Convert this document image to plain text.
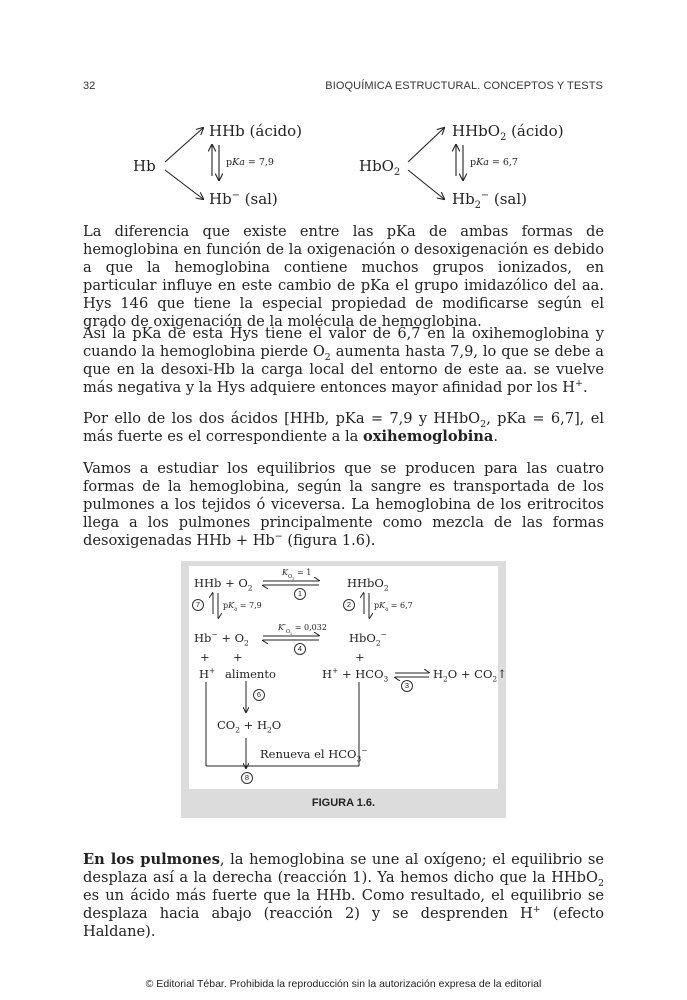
32	BIOQUÍMICA ESTRUCTURAL. CONCEPTOS Y TESTS
HHb (ácido)
Hb	pKa = 7,9
Hb− (sal)
HHbO$_2$ (ácido)
HbO$_2$
pKa = 6,7
$Hb_2^-$ (sal)

La diferencia que existe entre las pKa de ambas formas de hemoglobina en función de la oxigenación o desoxigenación es debido a que la hemoglobina contiene muchos grupos ionizados, en particular influye en este cambio de pKa el grupo imidazólico del aa. Hys 146 que tiene la especial propiedad de modificarse según el grado de oxigenación de la molécula de hemoglobina.

Así la pKa de esta Hys tiene el valor de 6,7 en la oxihemoglobina y cuando la hemoglobina pierde $O_2$ aumenta hasta 7,9, lo que se debe a que en la desoxi-Hb la carga local del entorno de este aa. se vuelve más negativa y la Hys adquiere entonces mayor afinidad por los H+.

Por ello de los dos ácidos [HHb, pKa = 7,9 y HHbO$_2$, pKa = 6,7], el más fuerte es el correspondiente a la oxihemoglobina.

Vamos a estudiar los equilibrios que se producen para las cuatro formas de la hemoglobina, según la sangre es transportada de los pulmones a los tejidos ó viceversa. La hemoglobina de los eritrocitos llega a los pulmones principalmente como mezcla de las formas desoxigenadas HHb + Hb− (figura 1.6).

HHb + $O_2$
$K_{O_2} = 1$
1
HHbO$_2$
7	$pK_a = 7,9$	2	$pK_a = 6,7$
$Hb^- + O_2$
$K'_{O_2} = 0,032$
4
HbO$_2$−
+ +	+
H+ alimento	$H^+ + HCO_3$
3
$H_2O$ + $CO_2↑$
6
$CO_2 + H_2O$
Renueva el $HCO_3^-$
8
FIGURA 1.6.

En los pulmones, la hemoglobina se une al oxígeno; el equilibrio se desplaza así a la derecha (reacción 1). Ya hemos dicho que la HHbO$_2$ es un ácido más fuerte que la HHb. Como resultado, el equilibrio se desplaza hacia abajo (reacción 2) y se desprenden H+ (efecto Haldane).

© Editorial Tébar. Prohibida la reproducción sin la autorización expresa de la editorial
